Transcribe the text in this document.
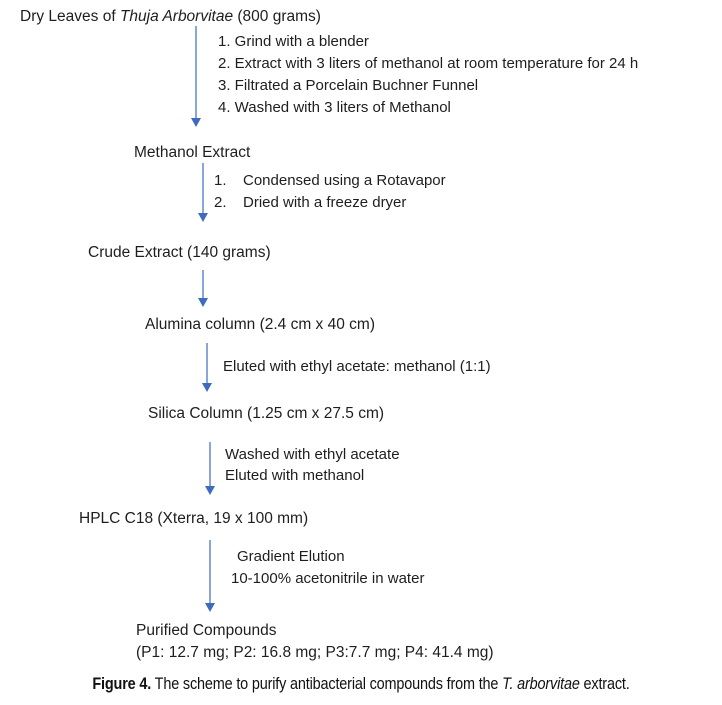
Dry Leaves of Thuja Arborvitae (800 grams)
1. Grind with a blender
2. Extract with 3 liters of methanol at room temperature for 24 h
3. Filtrated a Porcelain Buchner Funnel
4. Washed with 3 liters of Methanol
Methanol Extract
1. Condensed using a Rotavapor
2. Dried with a freeze dryer
Crude Extract (140 grams)
Alumina column (2.4 cm x 40 cm)
Eluted with ethyl acetate: methanol (1:1)
Silica Column (1.25 cm x 27.5 cm)
Washed with ethyl acetate
Eluted with methanol
HPLC C18 (Xterra, 19 x 100 mm)
Gradient Elution
10-100% acetonitrile in water
Purified Compounds
(P1: 12.7 mg; P2: 16.8 mg; P3:7.7 mg; P4: 41.4 mg)
Figure 4. The scheme to purify antibacterial compounds from the T. arborvitae extract.
